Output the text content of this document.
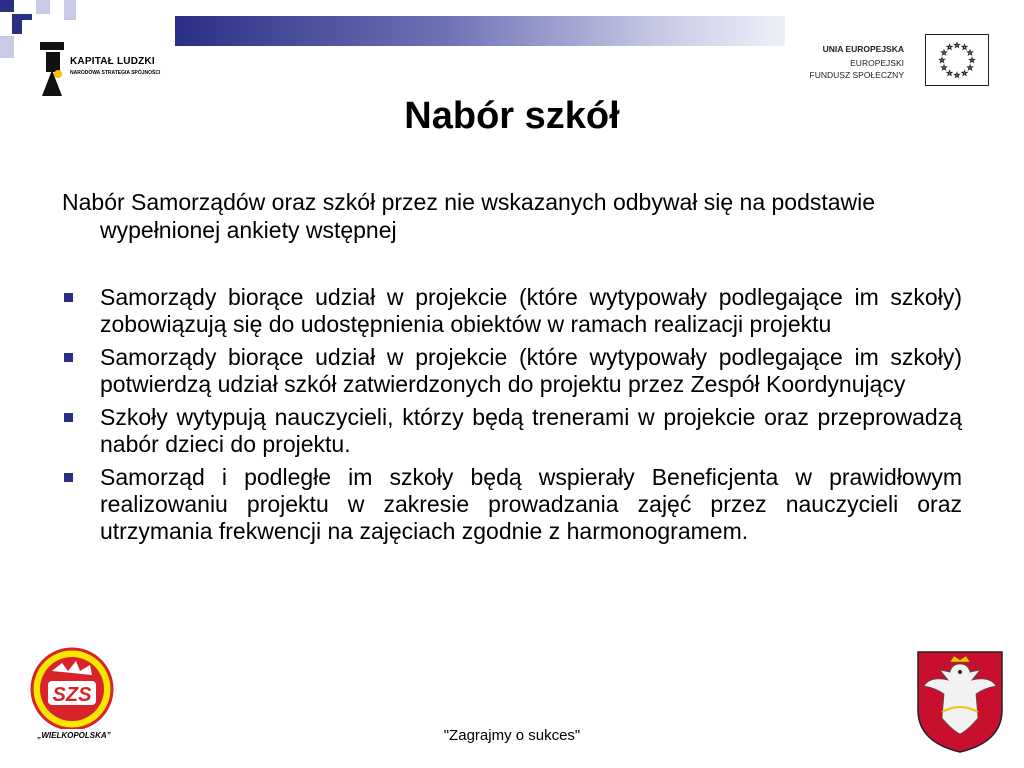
KAPITAŁ LUDZKI
NARODOWA STRATEGIA SPÓJNOŚCI
UNIA EUROPEJSKA
EUROPEJSKI
FUNDUSZ SPOŁECZNY
☆
☆
☆
☆
☆
☆
☆
☆
☆ ☆ ☆
☆
Nabór szkół

Nabór Samorządów oraz szkół przez nie wskazanych odbywał się na podstawie wypełnionej ankiety wstępnej

Samorządy biorące udział w projekcie (które wytypowały podlegające im szkoły) zobowiązują się do udostępnienia obiektów w ramach realizacji projektu
Samorządy biorące udział w projekcie (które wytypowały podlegające im szkoły) potwierdzą udział szkół zatwierdzonych do projektu przez Zespół Koordynujący
Szkoły wytypują nauczycieli, którzy będą trenerami w projekcie oraz przeprowadzą nabór dzieci do projektu.
Samorząd i podległe im szkoły będą wspierały Beneficjenta w prawidłowym realizowaniu projektu w zakresie prowadzania zajęć przez nauczycieli oraz utrzymania frekwencji na zajęciach zgodnie z harmonogramem.
SZS
„WIELKOPOLSKA”	"Zagrajmy o sukces"
